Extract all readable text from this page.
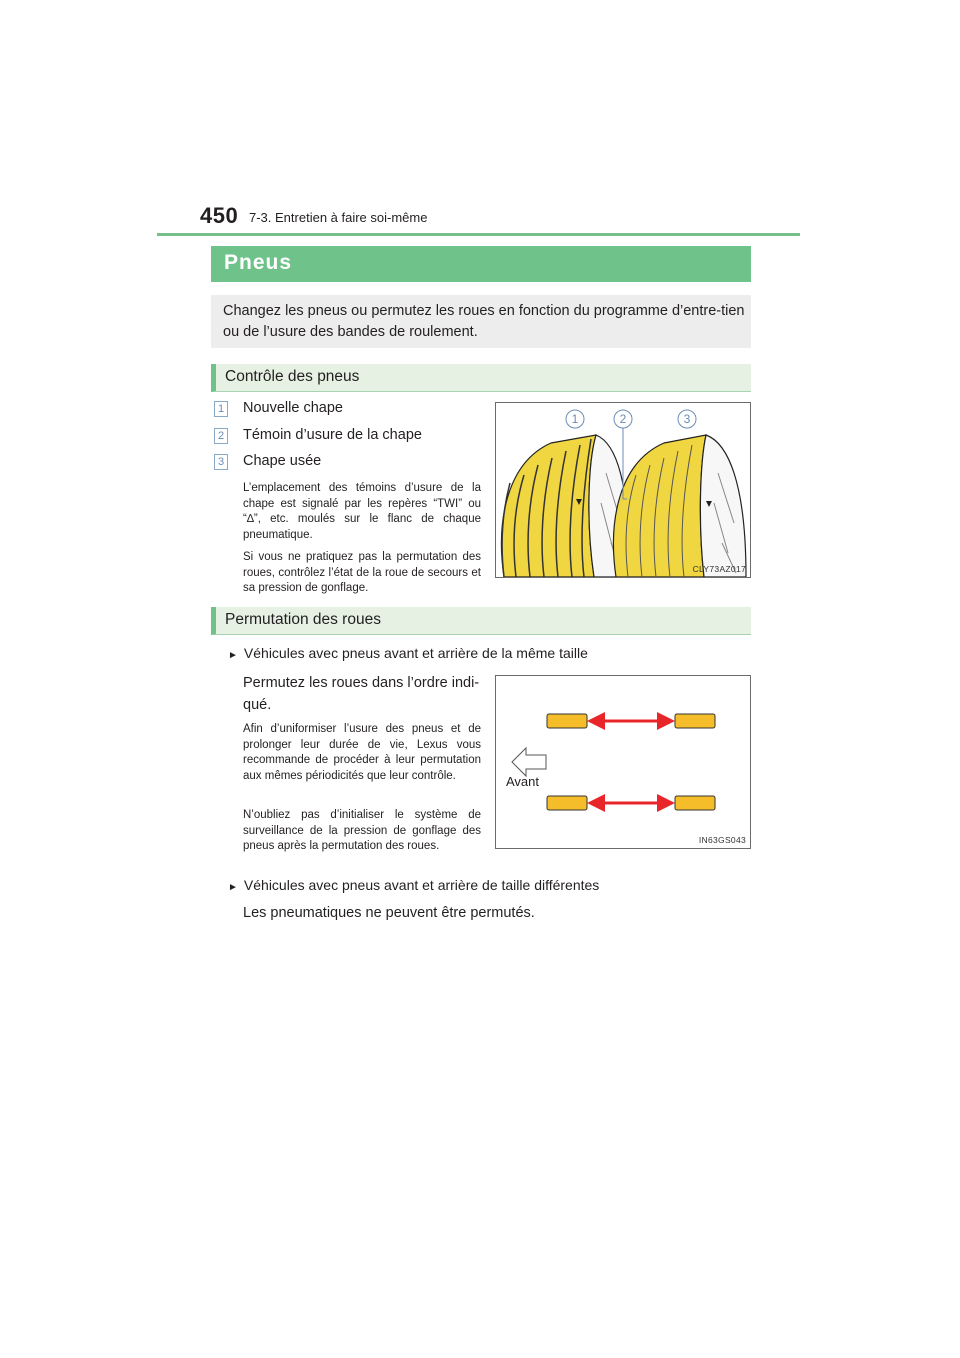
450 7-3. Entretien à faire soi-même
Pneus

Changez les pneus ou permutez les roues en fonction du programme d’entre-tien ou de l’usure des bandes de roulement.

Contrôle des pneus
1 Nouvelle chape
2 Témoin d’usure de la chape
3 Chape usée

L’emplacement des témoins d’usure de la chape est signalé par les repères “TWI” ou “∆”, etc. moulés sur le flanc de chaque pneumatique.

Si vous ne pratiquez pas la permutation des roues, contrôlez l’état de la roue de secours et sa pression de gonflage.

1	2	3
CLY73AZ017
Permutation des roues
► Véhicules avec pneus avant et arrière de la même taille
Permutez les roues dans l’ordre indi-
qué.

Afin d’uniformiser l’usure des pneus et de prolonger leur durée de vie, Lexus vous recommande de procéder à leur permutation aux mêmes périodicités que leur contrôle.

N’oubliez pas d’initialiser le système de surveillance de la pression de gonflage des pneus après la permutation des roues.

Avant
IN63GS043
► Véhicules avec pneus avant et arrière de taille différentes
Les pneumatiques ne peuvent être permutés.
